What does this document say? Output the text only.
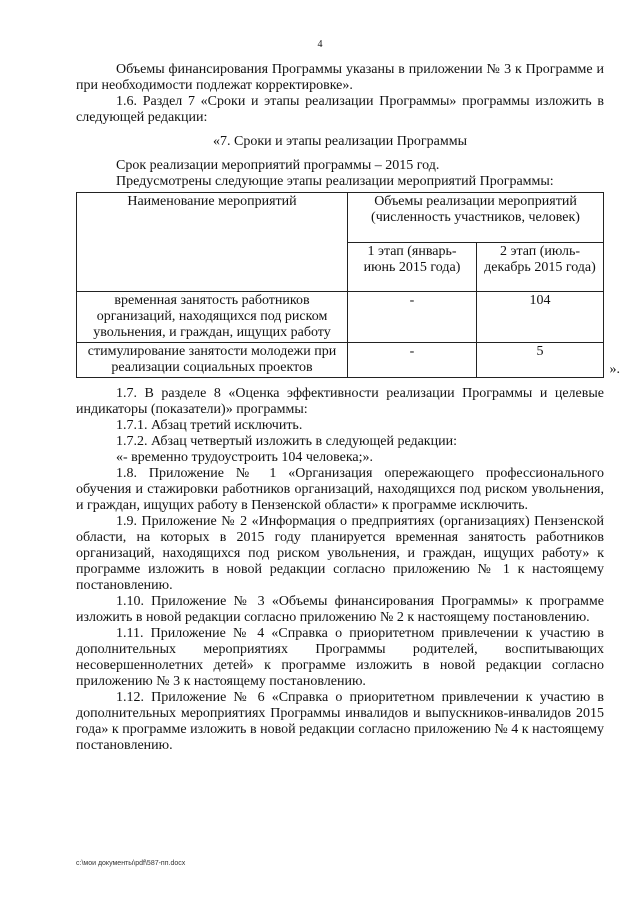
4

Объемы финансирования Программы указаны в приложении № 3 к Программе и при необходимости подлежат корректировке».

1.6. Раздел 7 «Сроки и этапы реализации Программы» программы изложить в следующей редакции:

«7. Сроки и этапы реализации Программы

Срок реализации мероприятий программы – 2015 год.

Предусмотрены следующие этапы реализации мероприятий Программы:

Наименование мероприятий	Объемы реализации мероприятий (численность участников, человек)	
	1 этап (январь-июнь 2015 года)	2 этап (июль-декабрь 2015 года)
временная занятость работников организаций, находящихся под риском увольнения, и граждан, ищущих работу	-	104
стимулирование занятости молодежи при реализации социальных проектов	-	5
».

1.7. В разделе 8 «Оценка эффективности реализации Программы и целевые индикаторы (показатели)» программы:

1.7.1. Абзац третий исключить.

1.7.2. Абзац четвертый изложить в следующей редакции:

«- временно трудоустроить 104 человека;».

1.8. Приложение № 1 «Организация опережающего профессионального обучения и стажировки работников организаций, находящихся под риском увольнения, и граждан, ищущих работу в Пензенской области» к программе исключить.

1.9. Приложение № 2 «Информация о предприятиях (организациях) Пензенской области, на которых в 2015 году планируется временная занятость работников организаций, находящихся под риском увольнения, и граждан, ищущих работу» к программе изложить в новой редакции согласно приложению № 1 к настоящему постановлению.

1.10. Приложение № 3 «Объемы финансирования Программы» к программе изложить в новой редакции согласно приложению № 2 к настоящему постановлению.

1.11. Приложение № 4 «Справка о приоритетном привлечении к участию в дополнительных мероприятиях Программы родителей, воспитывающих несовершеннолетних детей» к программе изложить в новой редакции согласно приложению № 3 к настоящему постановлению.

1.12. Приложение № 6 «Справка о приоритетном привлечении к участию в дополнительных мероприятиях Программы инвалидов и выпускников-инвалидов 2015 года» к программе изложить в новой редакции согласно приложению № 4 к настоящему постановлению.

c:\мои документы\pdf\587-пп.docx
